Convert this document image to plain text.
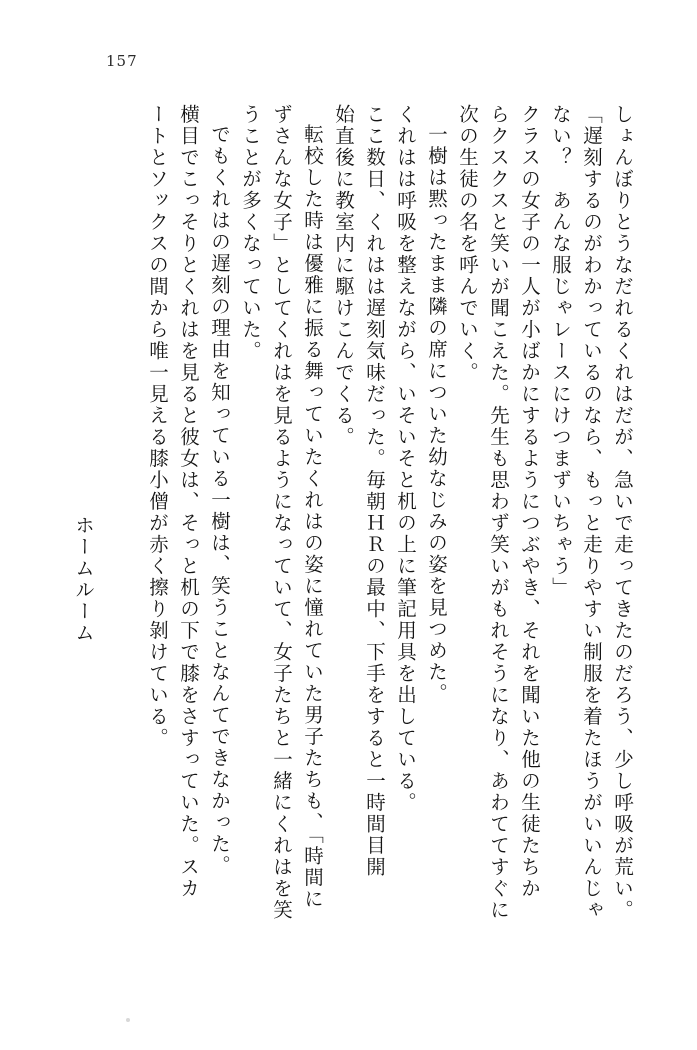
157
しょんぼりとうなだれるくれはだが、急いで走ってきたのだろう、少し呼吸が荒い。
「遅刻するのがわかっているのなら、もっと走りやすい制服を着たほうがいいんじゃ
ない？　あんな服じゃレースにけつまずいちゃう」
クラスの女子の一人が小ばかにするようにつぶやき、それを聞いた他の生徒たちか
らクスクスと笑いが聞こえた。先生も思わず笑いがもれそうになり、あわててすぐに
次の生徒の名を呼んでいく。
一樹は黙ったまま隣の席についた幼なじみの姿を見つめた。
くれはは呼吸を整えながら、いそいそと机の上に筆記用具を出している。
ここ数日、くれはは遅刻気味だった。毎朝ＨＲの最中、下手をすると一時間目開
ホームルーム
始直後に教室内に駆けこんでくる。
転校した時は優雅に振る舞っていたくれはの姿に憧れていた男子たちも、「時間に
ずさんな女子」としてくれはを見るようになっていて、女子たちと一緒にくれはを笑
うことが多くなっていた。
でもくれはの遅刻の理由を知っている一樹は、笑うことなんてできなかった。
横目でこっそりとくれはを見ると彼女は、そっと机の下で膝をさすっていた。スカ
ートとソックスの間から唯一見える膝小僧が赤く擦り剝けている。
